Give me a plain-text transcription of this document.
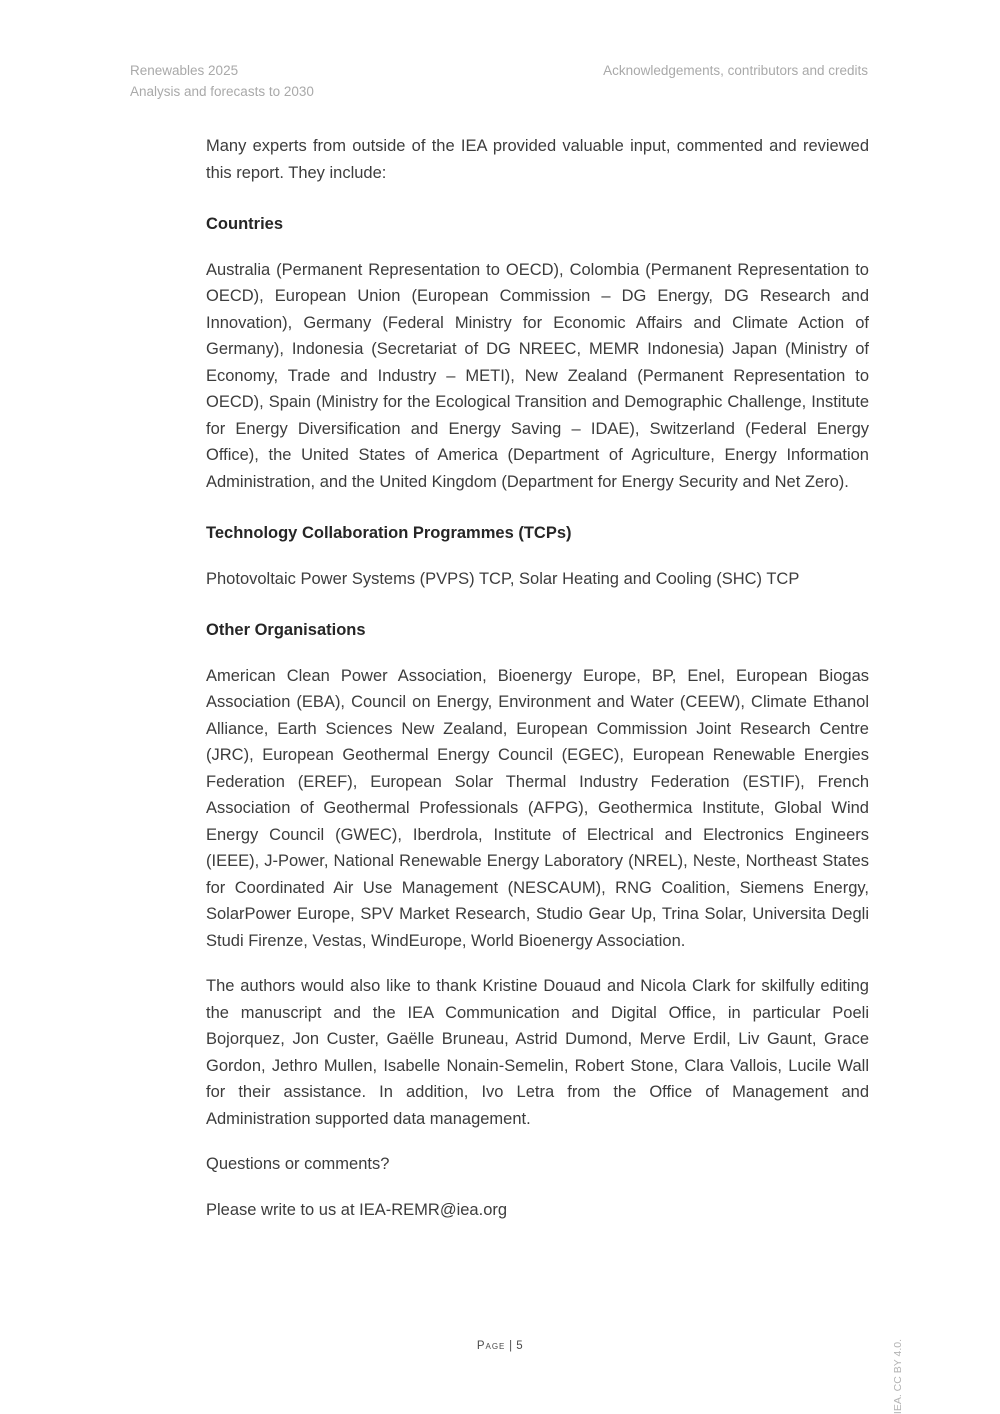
Renewables 2025
Analysis and forecasts to 2030
Acknowledgements, contributors and credits

Many experts from outside of the IEA provided valuable input, commented and reviewed this report. They include:

Countries

Australia (Permanent Representation to OECD), Colombia (Permanent Representation to OECD), European Union (European Commission – DG Energy, DG Research and Innovation), Germany (Federal Ministry for Economic Affairs and Climate Action of Germany), Indonesia (Secretariat of DG NREEC, MEMR Indonesia) Japan (Ministry of Economy, Trade and Industry – METI), New Zealand (Permanent Representation to OECD), Spain (Ministry for the Ecological Transition and Demographic Challenge, Institute for Energy Diversification and Energy Saving – IDAE), Switzerland (Federal Energy Office), the United States of America (Department of Agriculture, Energy Information Administration, and the United Kingdom (Department for Energy Security and Net Zero).

Technology Collaboration Programmes (TCPs)

Photovoltaic Power Systems (PVPS) TCP, Solar Heating and Cooling (SHC) TCP

Other Organisations

American Clean Power Association, Bioenergy Europe, BP, Enel, European Biogas Association (EBA), Council on Energy, Environment and Water (CEEW), Climate Ethanol Alliance, Earth Sciences New Zealand, European Commission Joint Research Centre (JRC), European Geothermal Energy Council (EGEC), European Renewable Energies Federation (EREF), European Solar Thermal Industry Federation (ESTIF), French Association of Geothermal Professionals (AFPG), Geothermica Institute, Global Wind Energy Council (GWEC), Iberdrola, Institute of Electrical and Electronics Engineers (IEEE), J-Power, National Renewable Energy Laboratory (NREL), Neste, Northeast States for Coordinated Air Use Management (NESCAUM), RNG Coalition, Siemens Energy, SolarPower Europe, SPV Market Research, Studio Gear Up, Trina Solar, Universita Degli Studi Firenze, Vestas, WindEurope, World Bioenergy Association.

The authors would also like to thank Kristine Douaud and Nicola Clark for skilfully editing the manuscript and the IEA Communication and Digital Office, in particular Poeli Bojorquez, Jon Custer, Gaëlle Bruneau, Astrid Dumond, Merve Erdil, Liv Gaunt, Grace Gordon, Jethro Mullen, Isabelle Nonain-Semelin, Robert Stone, Clara Vallois, Lucile Wall for their assistance. In addition, Ivo Letra from the Office of Management and Administration supported data management.

Questions or comments?

Please write to us at IEA-REMR@iea.org

Page | 5	IEA. CC BY 4.0.
